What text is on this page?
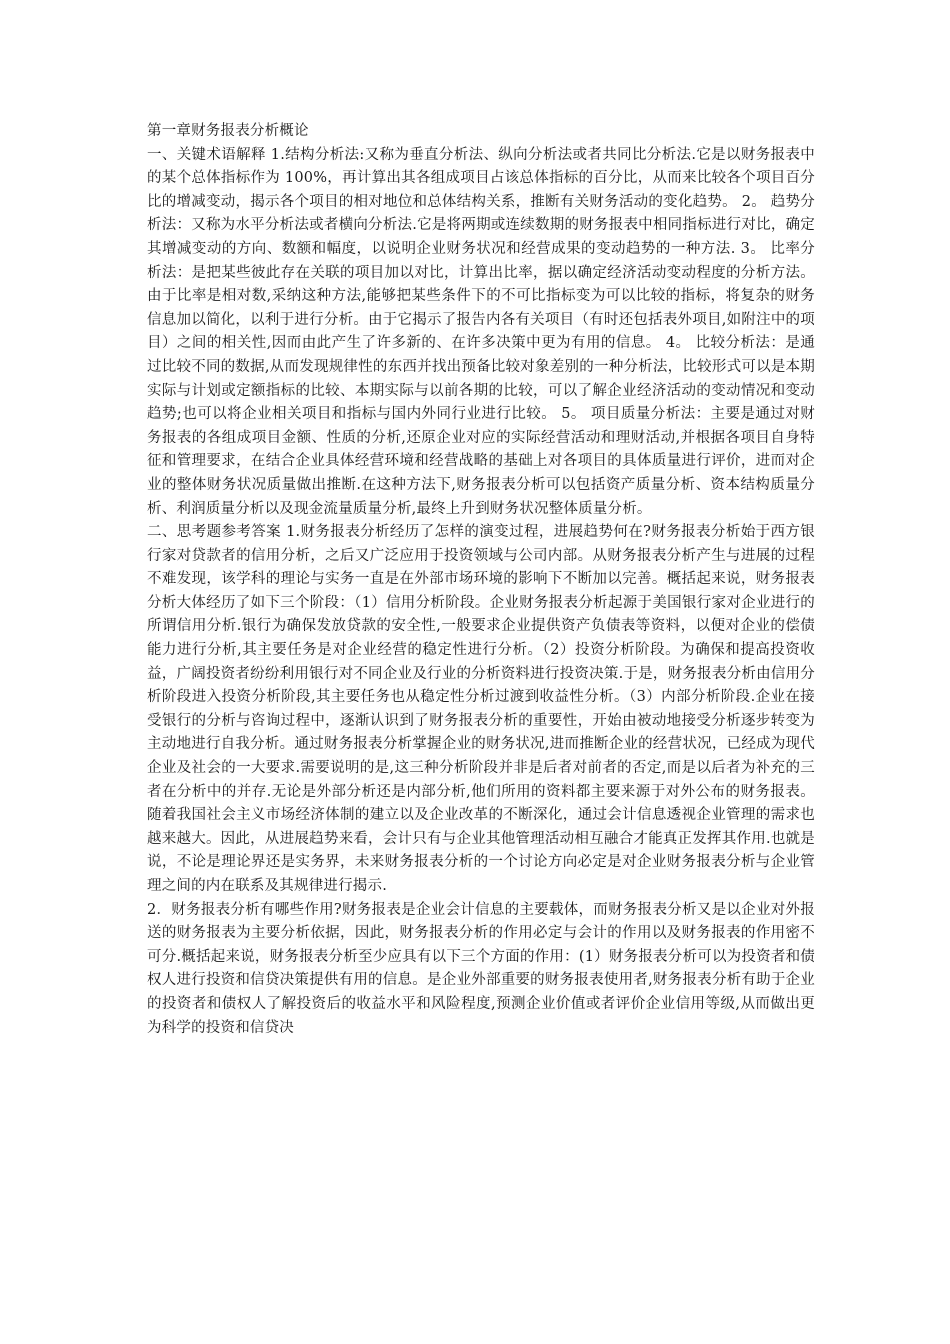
第一章财务报表分析概论

一、关键术语解释 1.结构分析法:又称为垂直分析法、纵向分析法或者共同比分析法.它是以财务报表中的某个总体指标作为 100%，再计算出其各组成项目占该总体指标的百分比，从而来比较各个项目百分比的增减变动，揭示各个项目的相对地位和总体结构关系，推断有关财务活动的变化趋势。 2。 趋势分析法：又称为水平分析法或者横向分析法.它是将两期或连续数期的财务报表中相同指标进行对比，确定其增减变动的方向、数额和幅度，以说明企业财务状况和经营成果的变动趋势的一种方法. 3。 比率分析法：是把某些彼此存在关联的项目加以对比，计算出比率，据以确定经济活动变动程度的分析方法。由于比率是相对数,采纳这种方法,能够把某些条件下的不可比指标变为可以比较的指标，将复杂的财务信息加以简化，以利于进行分析。由于它揭示了报告内各有关项目（有时还包括表外项目,如附注中的项目）之间的相关性,因而由此产生了许多新的、在许多决策中更为有用的信息。 4。 比较分析法：是通过比较不同的数据,从而发现规律性的东西并找出预备比较对象差别的一种分析法，比较形式可以是本期实际与计划或定额指标的比较、本期实际与以前各期的比较，可以了解企业经济活动的变动情况和变动趋势;也可以将企业相关项目和指标与国内外同行业进行比较。 5。 项目质量分析法：主要是通过对财务报表的各组成项目金额、性质的分析,还原企业对应的实际经营活动和理财活动,并根据各项目自身特征和管理要求，在结合企业具体经营环境和经营战略的基础上对各项目的具体质量进行评价，进而对企业的整体财务状况质量做出推断.在这种方法下,财务报表分析可以包括资产质量分析、资本结构质量分析、利润质量分析以及现金流量质量分析,最终上升到财务状况整体质量分析。

二、思考题参考答案 1.财务报表分析经历了怎样的演变过程，进展趋势何在?财务报表分析始于西方银行家对贷款者的信用分析，之后又广泛应用于投资领域与公司内部。从财务报表分析产生与进展的过程不难发现，该学科的理论与实务一直是在外部市场环境的影响下不断加以完善。概括起来说，财务报表分析大体经历了如下三个阶段：（1）信用分析阶段。企业财务报表分析起源于美国银行家对企业进行的所谓信用分析.银行为确保发放贷款的安全性,一般要求企业提供资产负债表等资料，以便对企业的偿债能力进行分析,其主要任务是对企业经营的稳定性进行分析。（2）投资分析阶段。为确保和提高投资收益，广阔投资者纷纷利用银行对不同企业及行业的分析资料进行投资决策.于是，财务报表分析由信用分析阶段进入投资分析阶段,其主要任务也从稳定性分析过渡到收益性分析。（3）内部分析阶段.企业在接受银行的分析与咨询过程中，逐渐认识到了财务报表分析的重要性，开始由被动地接受分析逐步转变为主动地进行自我分析。通过财务报表分析掌握企业的财务状况,进而推断企业的经营状况，已经成为现代企业及社会的一大要求.需要说明的是,这三种分析阶段并非是后者对前者的否定,而是以后者为补充的三者在分析中的并存.无论是外部分析还是内部分析,他们所用的资料都主要来源于对外公布的财务报表。随着我国社会主义市场经济体制的建立以及企业改革的不断深化，通过会计信息透视企业管理的需求也越来越大。因此，从进展趋势来看，会计只有与企业其他管理活动相互融合才能真正发挥其作用.也就是说，不论是理论界还是实务界，未来财务报表分析的一个讨论方向必定是对企业财务报表分析与企业管理之间的内在联系及其规律进行揭示.

2．财务报表分析有哪些作用?财务报表是企业会计信息的主要载体，而财务报表分析又是以企业对外报送的财务报表为主要分析依据，因此，财务报表分析的作用必定与会计的作用以及财务报表的作用密不可分.概括起来说，财务报表分析至少应具有以下三个方面的作用：(1）财务报表分析可以为投资者和债权人进行投资和信贷决策提供有用的信息。是企业外部重要的财务报表使用者,财务报表分析有助于企业的投资者和债权人了解投资后的收益水平和风险程度,预测企业价值或者评价企业信用等级,从而做出更为科学的投资和信贷决
